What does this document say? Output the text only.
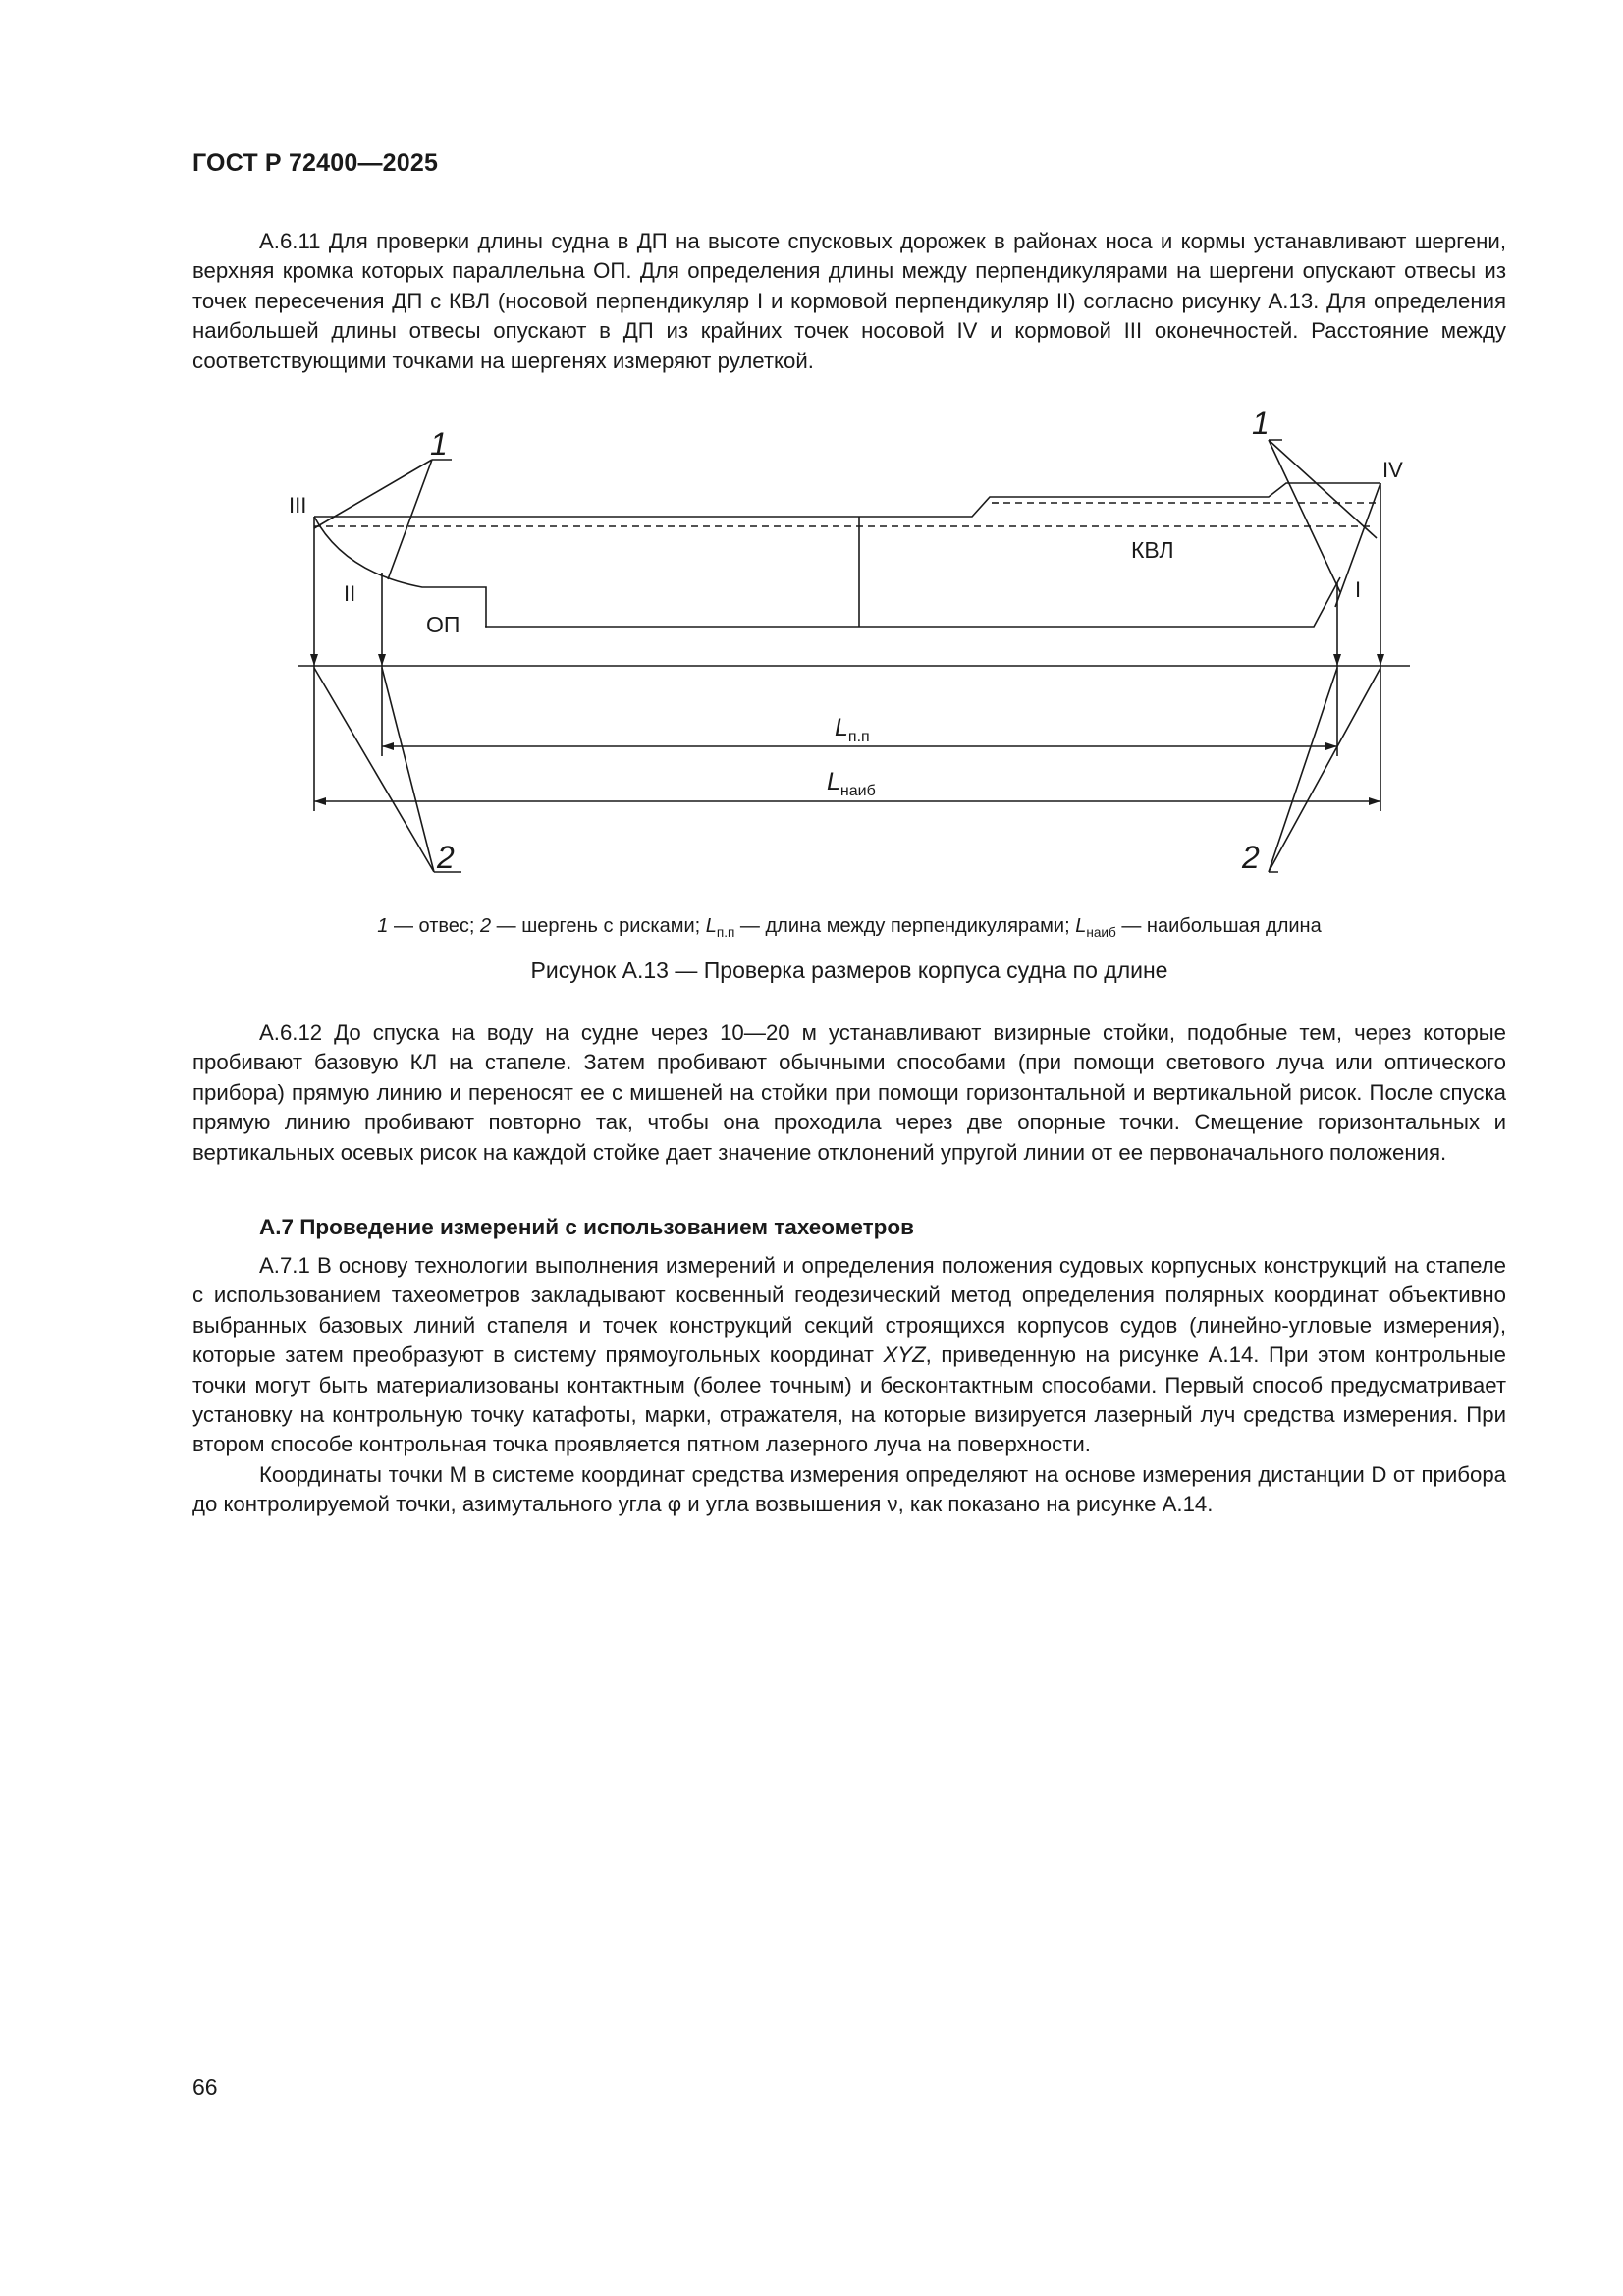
ГОСТ Р 72400—2025

A.6.11 Для проверки длины судна в ДП на высоте спусковых дорожек в районах носа и кормы устанавливают шергени, верхняя кромка которых параллельна ОП. Для определения длины между перпендикулярами на шергени опускают отвесы из точек пересечения ДП с КВЛ (носовой перпендикуляр I и кормовой перпендикуляр II) согласно рисунку А.13. Для определения наибольшей длины отвесы опускают в ДП из крайних точек носовой IV и кормовой III оконечностей. Расстояние между соответствующими точками на шергенях измеряют рулеткой.

1
1
2	2
III
II	I
IV
КВЛ
ОП
$L_{п.п}$
$L_{наиб}$
1 — отвес; 2 — шергень с рисками; $L_{п.п}$ — длина между перпендикулярами; $L_{наиб}$ — наибольшая длина
Рисунок А.13 — Проверка размеров корпуса судна по длине

А.6.12 До спуска на воду на судне через 10—20 м устанавливают визирные стойки, подобные тем, через которые пробивают базовую КЛ на стапеле. Затем пробивают обычными способами (при помощи светового луча или оптического прибора) прямую линию и переносят ее с мишеней на стойки при помощи горизонтальной и вертикальной рисок. После спуска прямую линию пробивают повторно так, чтобы она проходила через две опорные точки. Смещение горизонтальных и вертикальных осевых рисок на каждой стойке дает значение отклонений упругой линии от ее первоначального положения.

А.7 Проведение измерений с использованием тахеометров

А.7.1 В основу технологии выполнения измерений и определения положения судовых корпусных конструкций на стапеле с использованием тахеометров закладывают косвенный геодезический метод определения полярных координат объективно выбранных базовых линий стапеля и точек конструкций секций строящихся корпусов судов (линейно-угловые измерения), которые затем преобразуют в систему прямоугольных координат XYZ, приведенную на рисунке А.14. При этом контрольные точки могут быть материализованы контактным (более точным) и бесконтактным способами. Первый способ предусматривает установку на контрольную точку катафоты, марки, отражателя, на которые визируется лазерный луч средства измерения. При втором способе контрольная точка проявляется пятном лазерного луча на поверхности.

Координаты точки М в системе координат средства измерения определяют на основе измерения дистанции D от прибора до контролируемой точки, азимутального угла φ и угла возвышения ν, как показано на рисунке А.14.

66
